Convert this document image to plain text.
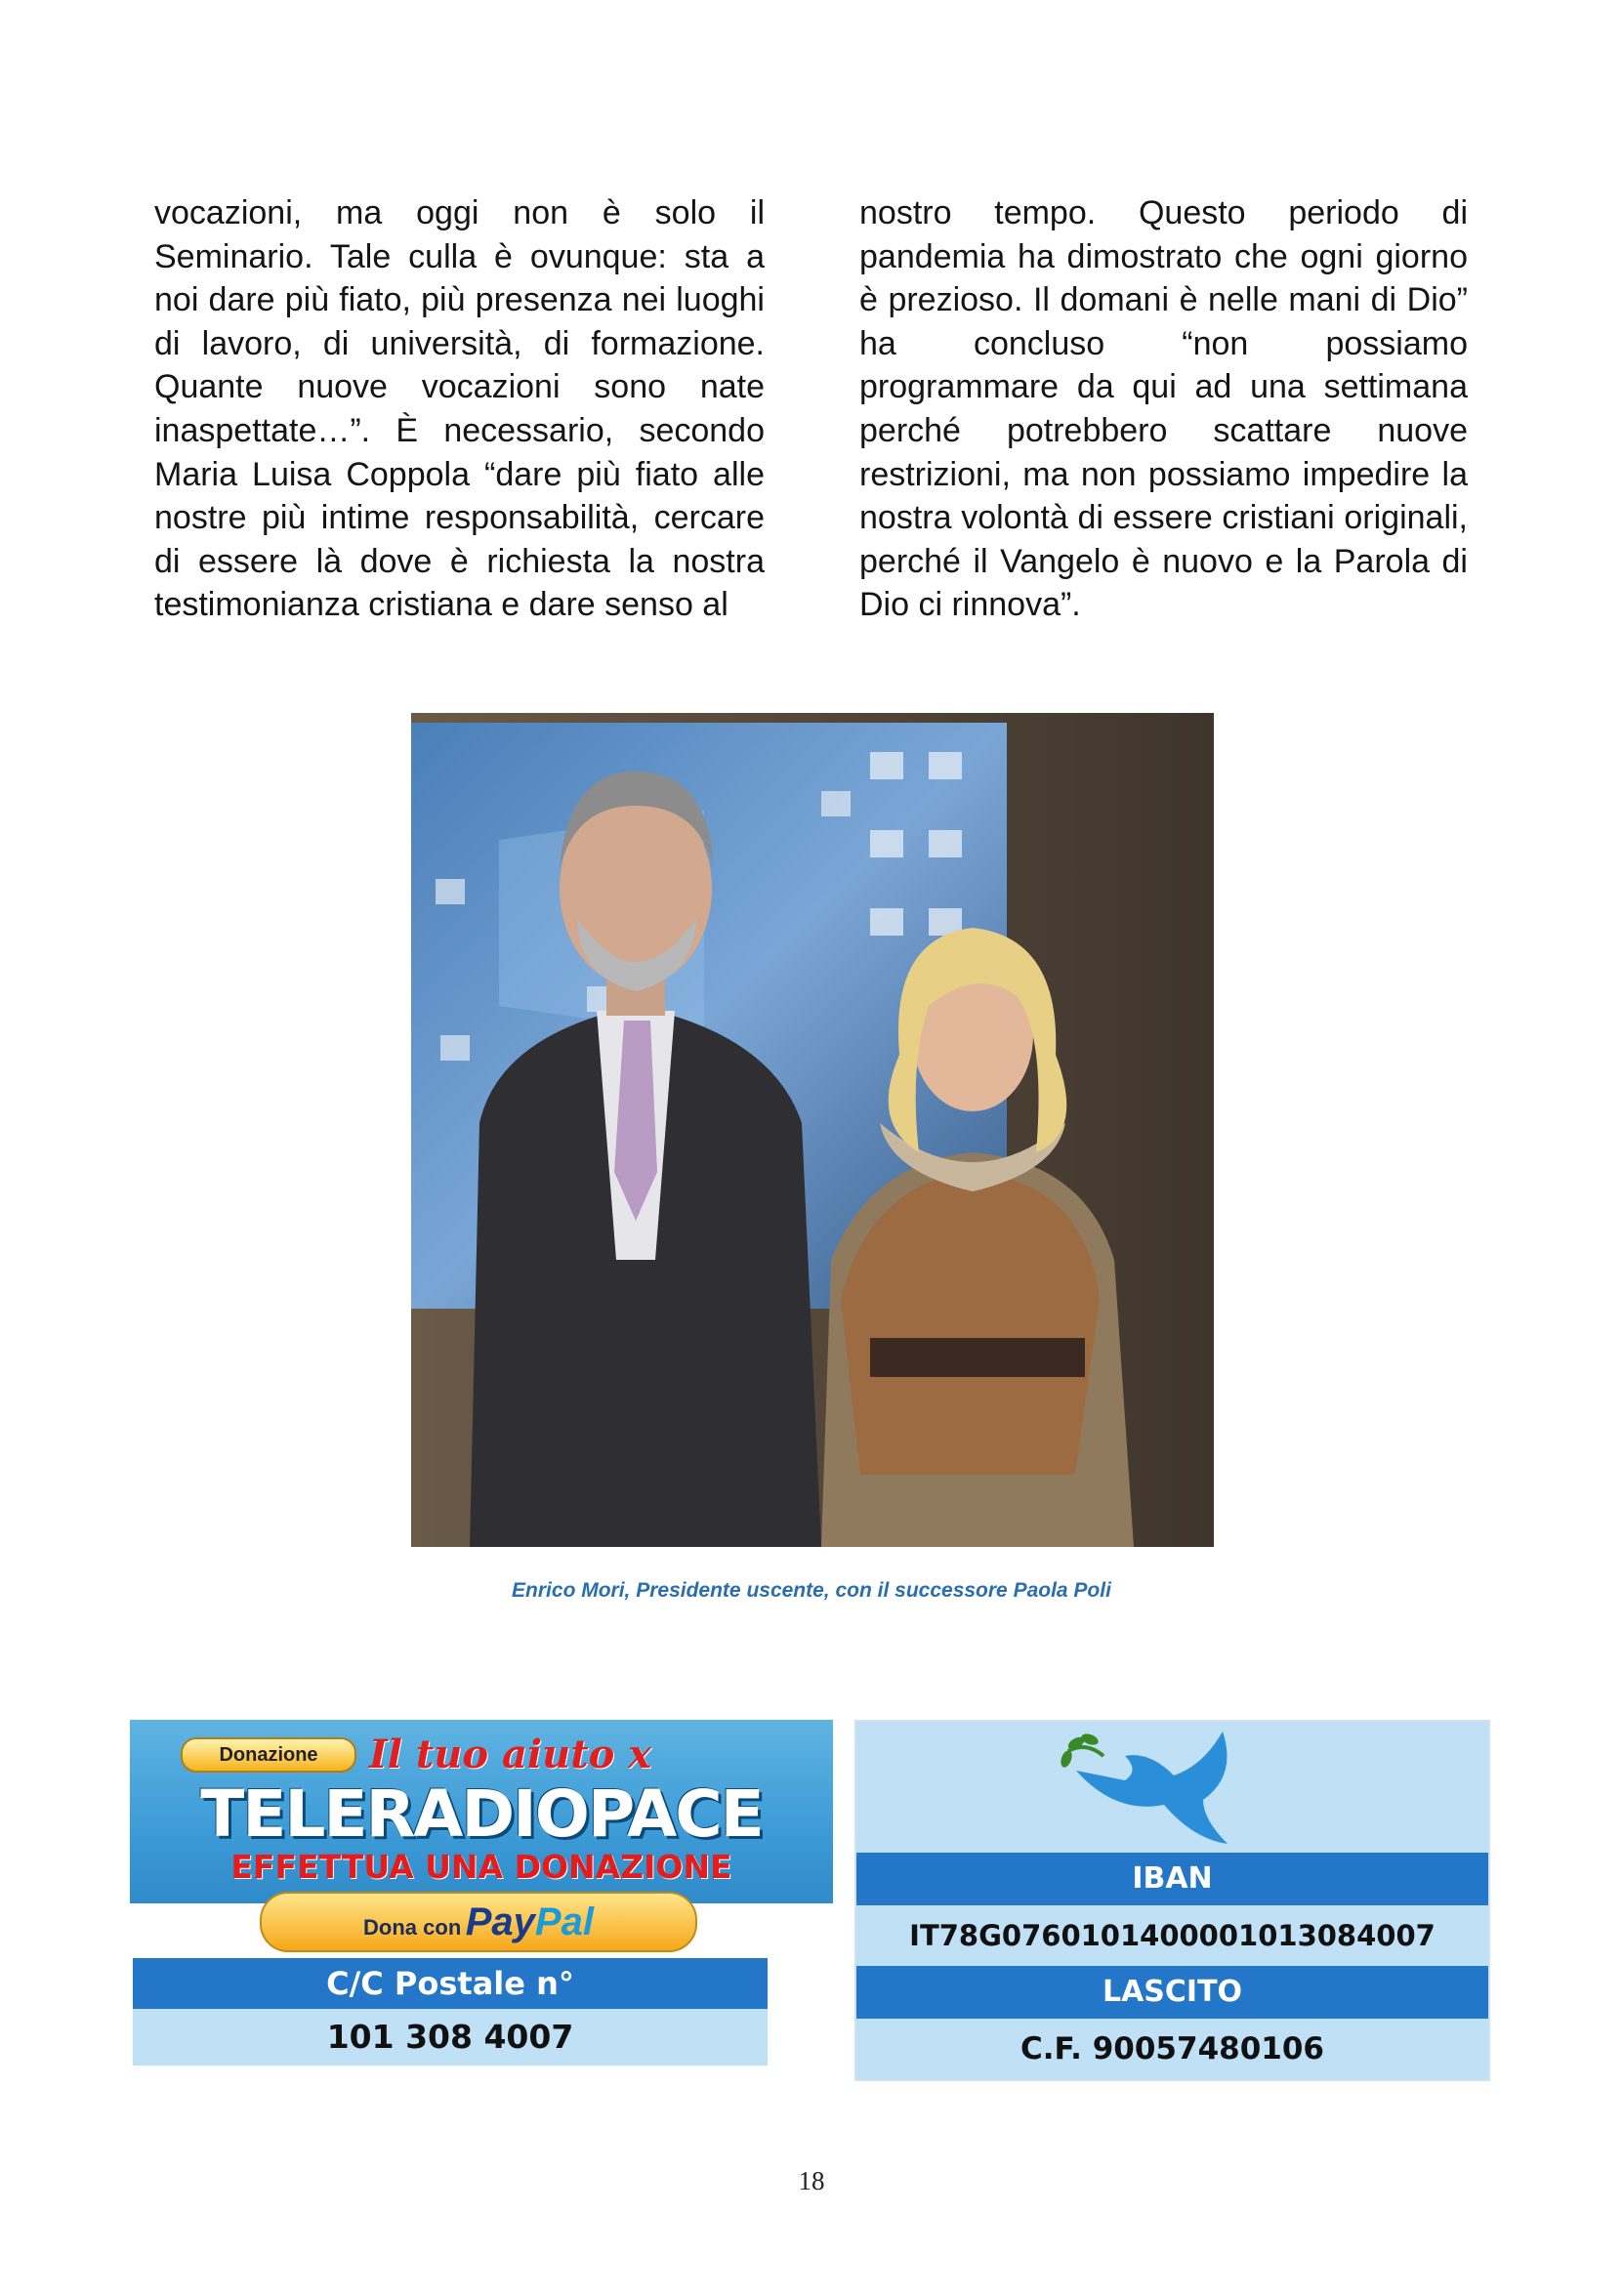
vocazioni, ma oggi non è solo il Seminario. Tale culla è ovunque: sta a noi dare più fiato, più presenza nei luoghi di lavoro, di università, di formazione. Quante nuove vocazioni sono nate inaspettate…”. È necessario, secondo Maria Luisa Coppola “dare più fiato alle nostre più intime responsabilità, cercare di essere là dove è richiesta la nostra testimonianza cristiana e dare senso al

nostro tempo. Questo periodo di pandemia ha dimostrato che ogni giorno è prezioso. Il domani è nelle mani di Dio” ha concluso “non possiamo programmare da qui ad una settimana perché potrebbero scattare nuove restrizioni, ma non possiamo impedire la nostra volontà di essere cristiani originali, perché il Vangelo è nuovo e la Parola di Dio ci rinnova”.

Enrico Mori, Presidente uscente, con il successore Paola Poli
Donazione	Il tuo aiuto x
TELERADIOPACE
EFFETTUA UNA DONAZIONE
Dona con PayPal
C/C Postale n°
101 308 4007
IBAN
IT78G0760101400001013084007
LASCITO
C.F. 90057480106
18
